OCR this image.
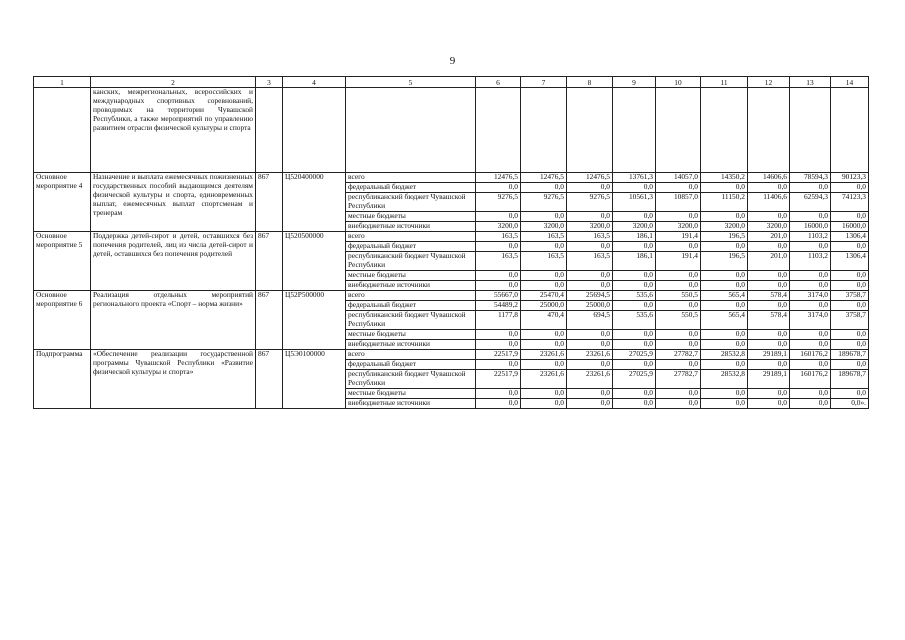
9
1	2	3	4	5	6	7	8	9	10	11	12	13	14
	канских, межрегиональных, всероссийских и международных спортивных соревнований, проводимых на территории Чувашской Республики, а также мероприятий по управлению развитием отрасли физической культуры и спорта												
Основное мероприятие 4	Назначение и выплата ежемесячных пожизненных государственных пособий выдающимся деятелям физической культуры и спорта, единовременных выплат, ежемесячных выплат спортсменам и тренерам	867	Ц520400000	всего	12476,5	12476,5	12476,5	13761,3	14057,0	14350,2	14606,6	78594,3	90123,3
				федеральный бюджет	0,0	0,0	0,0	0,0	0,0	0,0	0,0	0,0	0,0
				республиканский бюджет Чувашской Республики	9276,5	9276,5	9276,5	10561,3	10857,0	11150,2	11406,6	62594,3	74123,3
				местные бюджеты	0,0	0,0	0,0	0,0	0,0	0,0	0,0	0,0	0,0
				внебюджетные источники	3200,0	3200,0	3200,0	3200,0	3200,0	3200,0	3200,0	16000,0	16000,0
Основное мероприятие 5	Поддержка детей-сирот и детей, оставшихся без попечения родителей, лиц из числа детей-сирот и детей, оставшихся без попечения родителей	867	Ц520500000	всего	163,5	163,5	163,5	186,1	191,4	196,5	201,0	1103,2	1306,4
				федеральный бюджет	0,0	0,0	0,0	0,0	0,0	0,0	0,0	0,0	0,0
				республиканский бюджет Чувашской Республики	163,5	163,5	163,5	186,1	191,4	196,5	201,0	1103,2	1306,4
				местные бюджеты	0,0	0,0	0,0	0,0	0,0	0,0	0,0	0,0	0,0
				внебюджетные источники	0,0	0,0	0,0	0,0	0,0	0,0	0,0	0,0	0,0
Основное мероприятие 6	Реализация отдельных мероприятий регионального проекта «Спорт – норма жизни»	867	Ц52Р500000	всего	55667,0	25470,4	25694,5	535,6	550,5	565,4	578,4	3174,0	3758,7
				федеральный бюджет	54489,2	25000,0	25000,0	0,0	0,0	0,0	0,0	0,0	0,0
				республиканский бюджет Чувашской Республики	1177,8	470,4	694,5	535,6	550,5	565,4	578,4	3174,0	3758,7
				местные бюджеты	0,0	0,0	0,0	0,0	0,0	0,0	0,0	0,0	0,0
				внебюджетные источники	0,0	0,0	0,0	0,0	0,0	0,0	0,0	0,0	0,0
Подпрограмма	«Обеспечение реализации государственной программы Чувашской Республики «Развитие физической культуры и спорта»	867	Ц5Э0100000	всего	22517,9	23261,6	23261,6	27025,9	27782,7	28532,8	29189,1	160176,2	189678,7
				федеральный бюджет	0,0	0,0	0,0	0,0	0,0	0,0	0,0	0,0	0,0
				республиканский бюджет Чувашской Республики	22517,9	23261,6	23261,6	27025,9	27782,7	28532,8	29189,1	160176,2	189678,7
				местные бюджеты	0,0	0,0	0,0	0,0	0,0	0,0	0,0	0,0	0,0
				внебюджетные источники	0,0	0,0	0,0	0,0	0,0	0,0	0,0	0,0	0,0».
